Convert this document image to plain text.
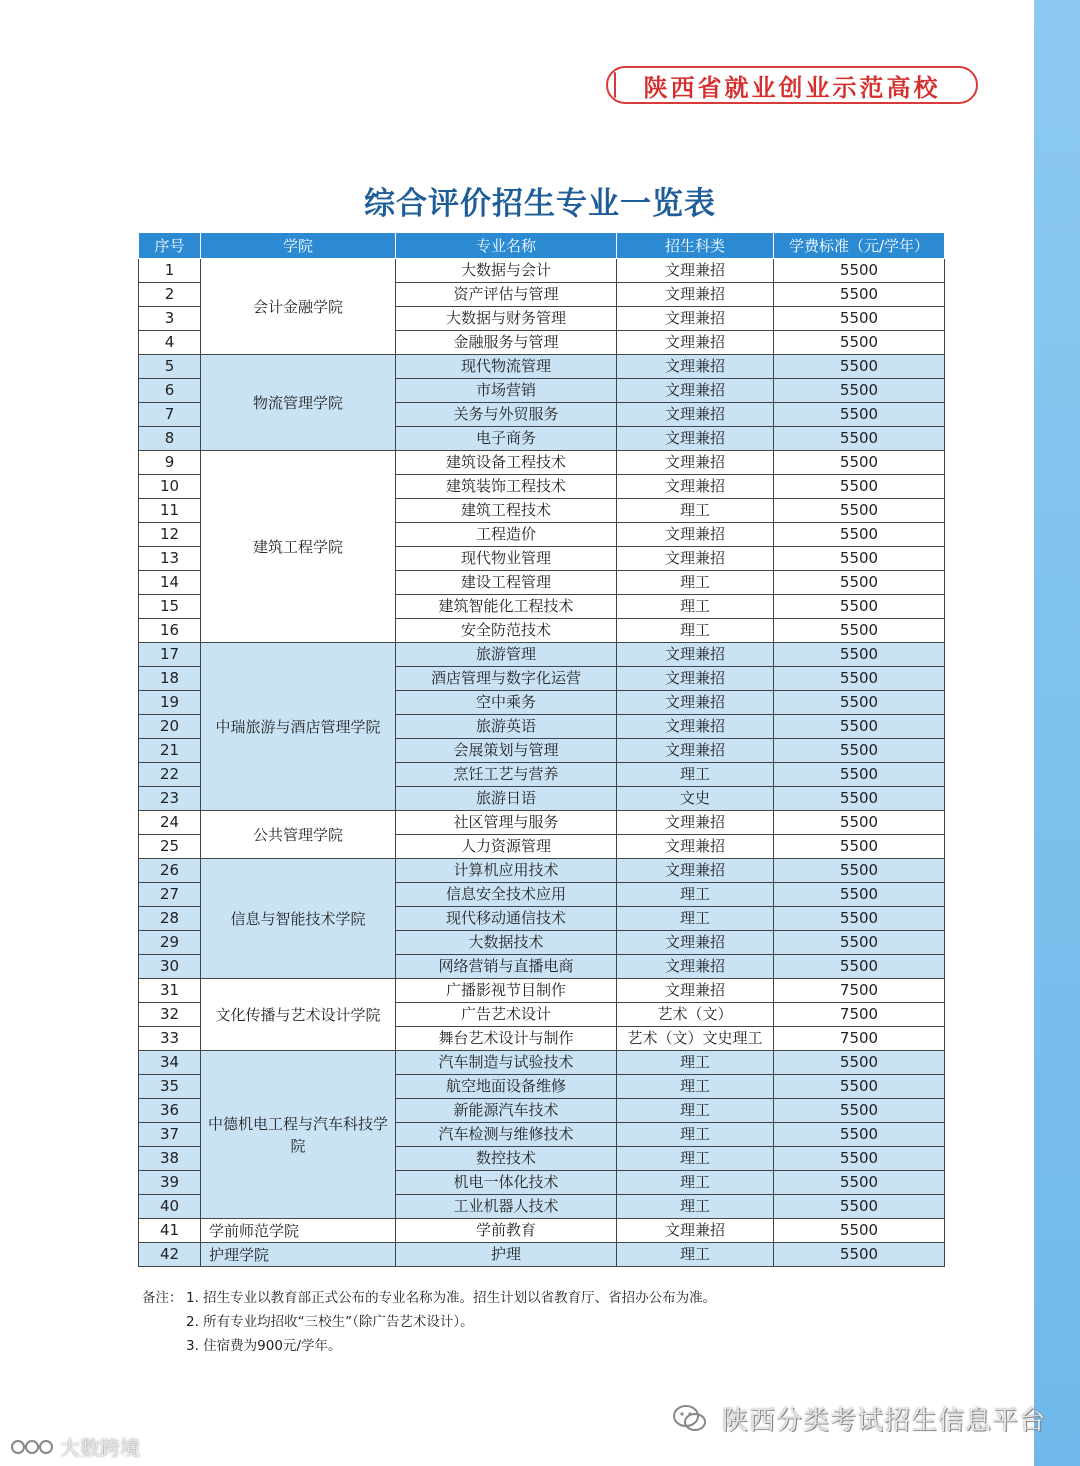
陕西省就业创业示范高校
综合评价招生专业一览表
序号	学院	专业名称	招生科类	学费标准（元/学年）
1	会计金融学院	大数据与会计	文理兼招	5500
2		资产评估与管理	文理兼招	5500
3		大数据与财务管理	文理兼招	5500
4		金融服务与管理	文理兼招	5500
5	物流管理学院	现代物流管理	文理兼招	5500
6		市场营销	文理兼招	5500
7		关务与外贸服务	文理兼招	5500
8		电子商务	文理兼招	5500
9	建筑工程学院	建筑设备工程技术	文理兼招	5500
10		建筑装饰工程技术	文理兼招	5500
11		建筑工程技术	理工	5500
12		工程造价	文理兼招	5500
13		现代物业管理	文理兼招	5500
14		建设工程管理	理工	5500
15		建筑智能化工程技术	理工	5500
16		安全防范技术	理工	5500
17	中瑞旅游与酒店管理学院	旅游管理	文理兼招	5500
18		酒店管理与数字化运营	文理兼招	5500
19		空中乘务	文理兼招	5500
20		旅游英语	文理兼招	5500
21		会展策划与管理	文理兼招	5500
22		烹饪工艺与营养	理工	5500
23		旅游日语	文史	5500
24	公共管理学院	社区管理与服务	文理兼招	5500
25		人力资源管理	文理兼招	5500
26	信息与智能技术学院	计算机应用技术	文理兼招	5500
27		信息安全技术应用	理工	5500
28		现代移动通信技术	理工	5500
29		大数据技术	文理兼招	5500
30		网络营销与直播电商	文理兼招	5500
31	文化传播与艺术设计学院	广播影视节目制作	文理兼招	7500
32		广告艺术设计	艺术（文）	7500
33		舞台艺术设计与制作	艺术（文）文史理工	7500
34	中德机电工程与汽车科技学院	汽车制造与试验技术	理工	5500
35		航空地面设备维修	理工	5500
36		新能源汽车技术	理工	5500
37		汽车检测与维修技术	理工	5500
38		数控技术	理工	5500
39		机电一体化技术	理工	5500
40		工业机器人技术	理工	5500
41	学前师范学院	学前教育	文理兼招	5500
42	护理学院	护理	理工	5500
备注： 1. 招生专业以教育部正式公布的专业名称为准。招生计划以省教育厅、省招办公布为准。
2. 所有专业均招收“三校生”（除广告艺术设计）。
3. 住宿费为900元/学年。
陕西分类考试招生信息平台
大数跨境
